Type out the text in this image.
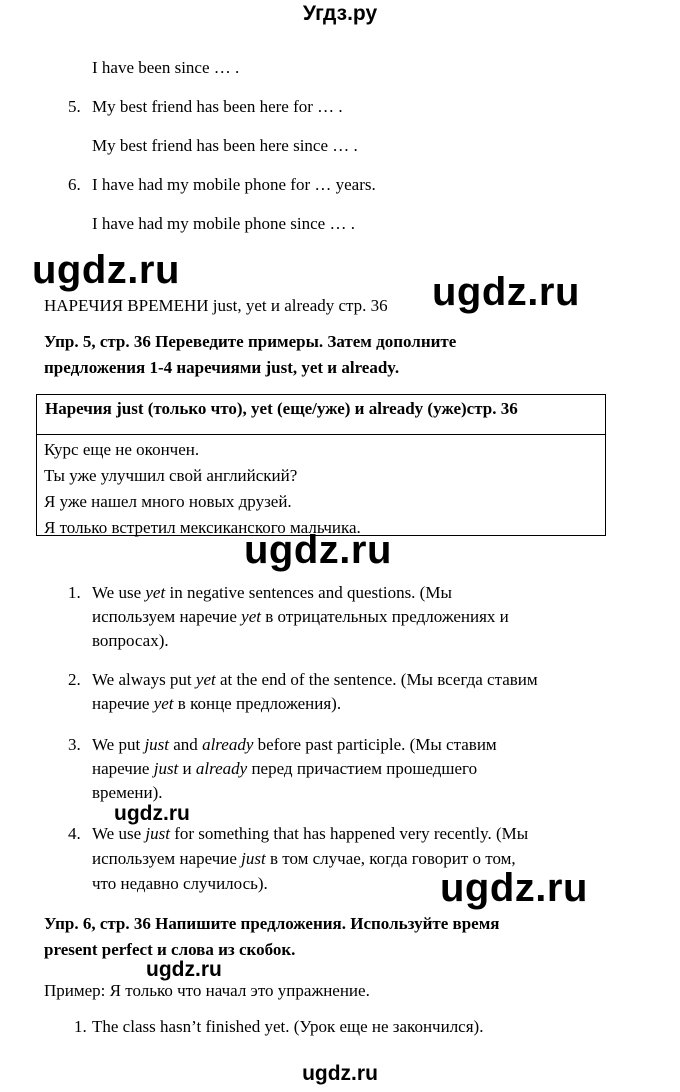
Угдз.ру
I have been since … .
5. My best friend has been here for … .
My best friend has been here since … .
6. I have had my mobile phone for … years.
I have had my mobile phone since … .
ugdz.ru	ugdz.ru
НАРЕЧИЯ ВРЕМЕНИ just, yet и already стр. 36
Упр. 5, стр. 36 Переведите примеры. Затем дополните
предложения 1-4 наречиями just, yet и already.
Наречия just (только что), yet (еще/уже) и already (уже)стр. 36
Курс еще не окончен.
Ты уже улучшил свой английский?
Я уже нашел много новых друзей.
Я только встретил мексиканского мальчика.
ugdz.ru
1. We use yet in negative sentences and questions. (Мы
используем наречие yet в отрицательных предложениях и
вопросах).
2. We always put yet at the end of the sentence. (Мы всегда ставим
наречие yet в конце предложения).
3. We put just and already before past participle. (Мы ставим
наречие just и already перед причастием прошедшего
времени).
ugdz.ru
4. We use just for something that has happened very recently. (Мы
используем наречие just в том случае, когда говорит о том,
что недавно случилось).	ugdz.ru
Упр. 6, стр. 36 Напишите предложения. Используйте время
present perfect и слова из скобок.
ugdz.ru
Пример: Я только что начал это упражнение.
1. The class hasn’t finished yet. (Урок еще не закончился).
ugdz.ru
